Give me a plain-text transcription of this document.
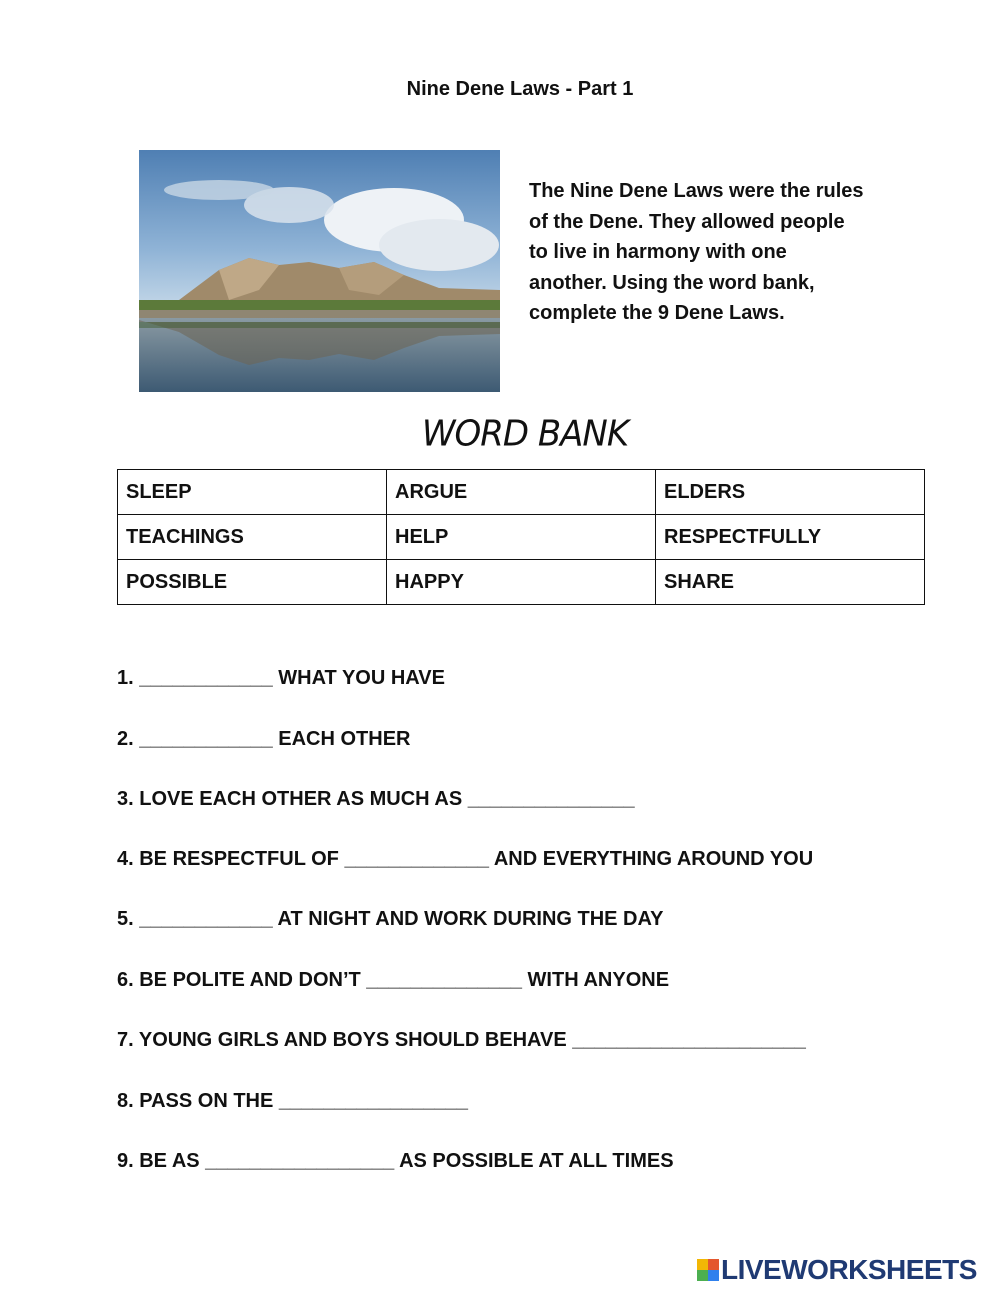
Nine Dene Laws - Part 1
The Nine Dene Laws were the rules
of the Dene. They allowed people
to live in harmony with one
another. Using the word bank,
complete the 9 Dene Laws.
WORD BANK
SLEEP	ARGUE	ELDERS
TEACHINGS	HELP	RESPECTFULLY
POSSIBLE	HAPPY	SHARE
1. ____________ WHAT YOU HAVE
2. ____________ EACH OTHER
3. LOVE EACH OTHER AS MUCH AS _______________
4. BE RESPECTFUL OF _____________ AND EVERYTHING AROUND YOU
5. ____________ AT NIGHT AND WORK DURING THE DAY
6. BE POLITE AND DON’T ______________ WITH ANYONE
7. YOUNG GIRLS AND BOYS SHOULD BEHAVE _____________________
8. PASS ON THE _________________
9. BE AS _________________ AS POSSIBLE AT ALL TIMES
LIVEWORKSHEETS
